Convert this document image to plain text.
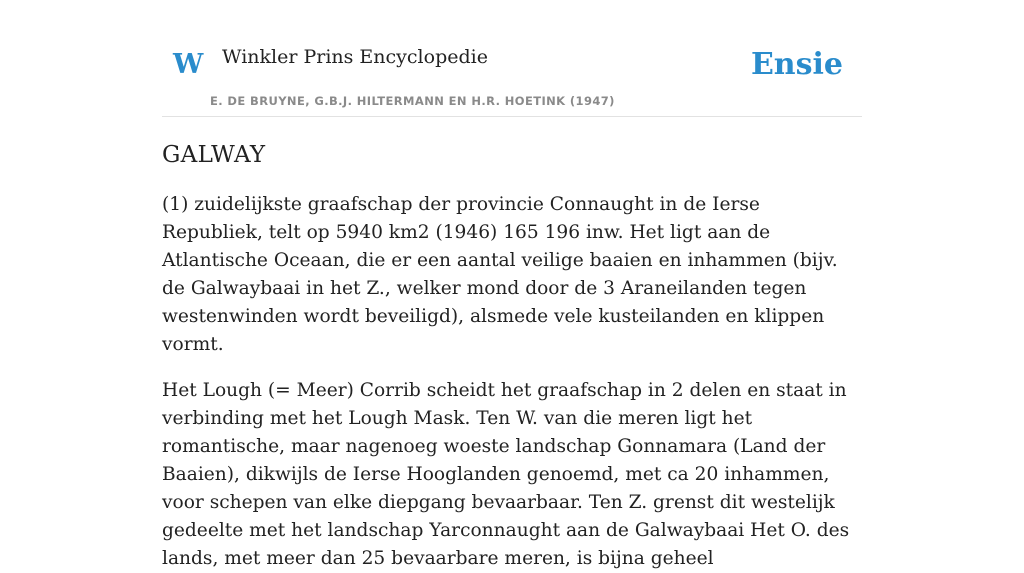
W Winkler Prins Encyclopedie
E. DE BRUYNE, G.B.J. HILTERMANN EN H.R. HOETINK (1947)
Ensie
GALWAY

(1) zuidelijkste graafschap der provincie Connaught in de Ierse Republiek, telt op 5940 km2 (1946) 165 196 inw. Het ligt aan de Atlantische Oceaan, die er een aantal veilige baaien en inhammen (bijv. de Galwaybaai in het Z., welker mond door de 3 Araneilanden tegen westenwinden wordt beveiligd), alsmede vele kusteilanden en klippen vormt.

Het Lough (= Meer) Corrib scheidt het graafschap in 2 delen en staat in verbinding met het Lough Mask. Ten W. van die meren ligt het romantische, maar nagenoeg woeste landschap Gonnamara (Land der Baaien), dikwijls de Ierse Hooglanden genoemd, met ca 20 inhammen, voor schepen van elke diepgang bevaarbaar. Ten Z. grenst dit westelijk gedeelte met het landschap Yarconnaught aan de Galwaybaai Het O. des lands, met meer dan 25 bevaarbare meren, is bijna geheel
